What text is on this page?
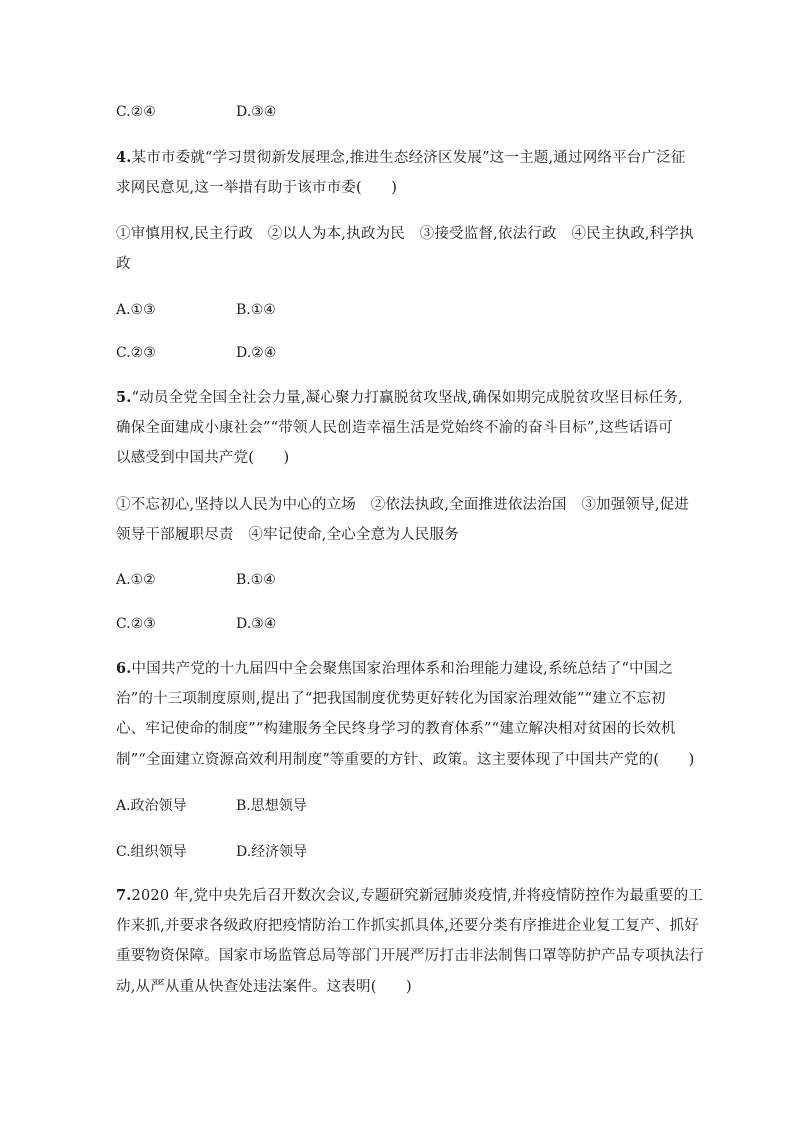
C.②④	D.③④
4.某市市委就“学习贯彻新发展理念,推进生态经济区发展”这一主题,通过网络平台广泛征
求网民意见,这一举措有助于该市市委(　　)
①审慎用权,民主行政　②以人为本,执政为民　③接受监督,依法行政　④民主执政,科学执
政
A.①③	B.①④
C.②③	D.②④
5.“动员全党全国全社会力量,凝心聚力打赢脱贫攻坚战,确保如期完成脱贫攻坚目标任务,
确保全面建成小康社会”“带领人民创造幸福生活是党始终不渝的奋斗目标”,这些话语可
以感受到中国共产党(　　)
①不忘初心,坚持以人民为中心的立场　②依法执政,全面推进依法治国　③加强领导,促进
领导干部履职尽责　④牢记使命,全心全意为人民服务
A.①②	B.①④
C.②③	D.③④
6.中国共产党的十九届四中全会聚焦国家治理体系和治理能力建设,系统总结了“中国之
治”的十三项制度原则,提出了“把我国制度优势更好转化为国家治理效能”“建立不忘初
心、牢记使命的制度”“构建服务全民终身学习的教育体系”“建立解决相对贫困的长效机
制”“全面建立资源高效利用制度”等重要的方针、政策。这主要体现了中国共产党的(　　)
A.政治领导	B.思想领导
C.组织领导	D.经济领导
7.2020 年,党中央先后召开数次会议,专题研究新冠肺炎疫情,并将疫情防控作为最重要的工
作来抓,并要求各级政府把疫情防治工作抓实抓具体,还要分类有序推进企业复工复产、抓好
重要物资保障。国家市场监管总局等部门开展严厉打击非法制售口罩等防护产品专项执法行
动,从严从重从快查处违法案件。这表明(　　)
